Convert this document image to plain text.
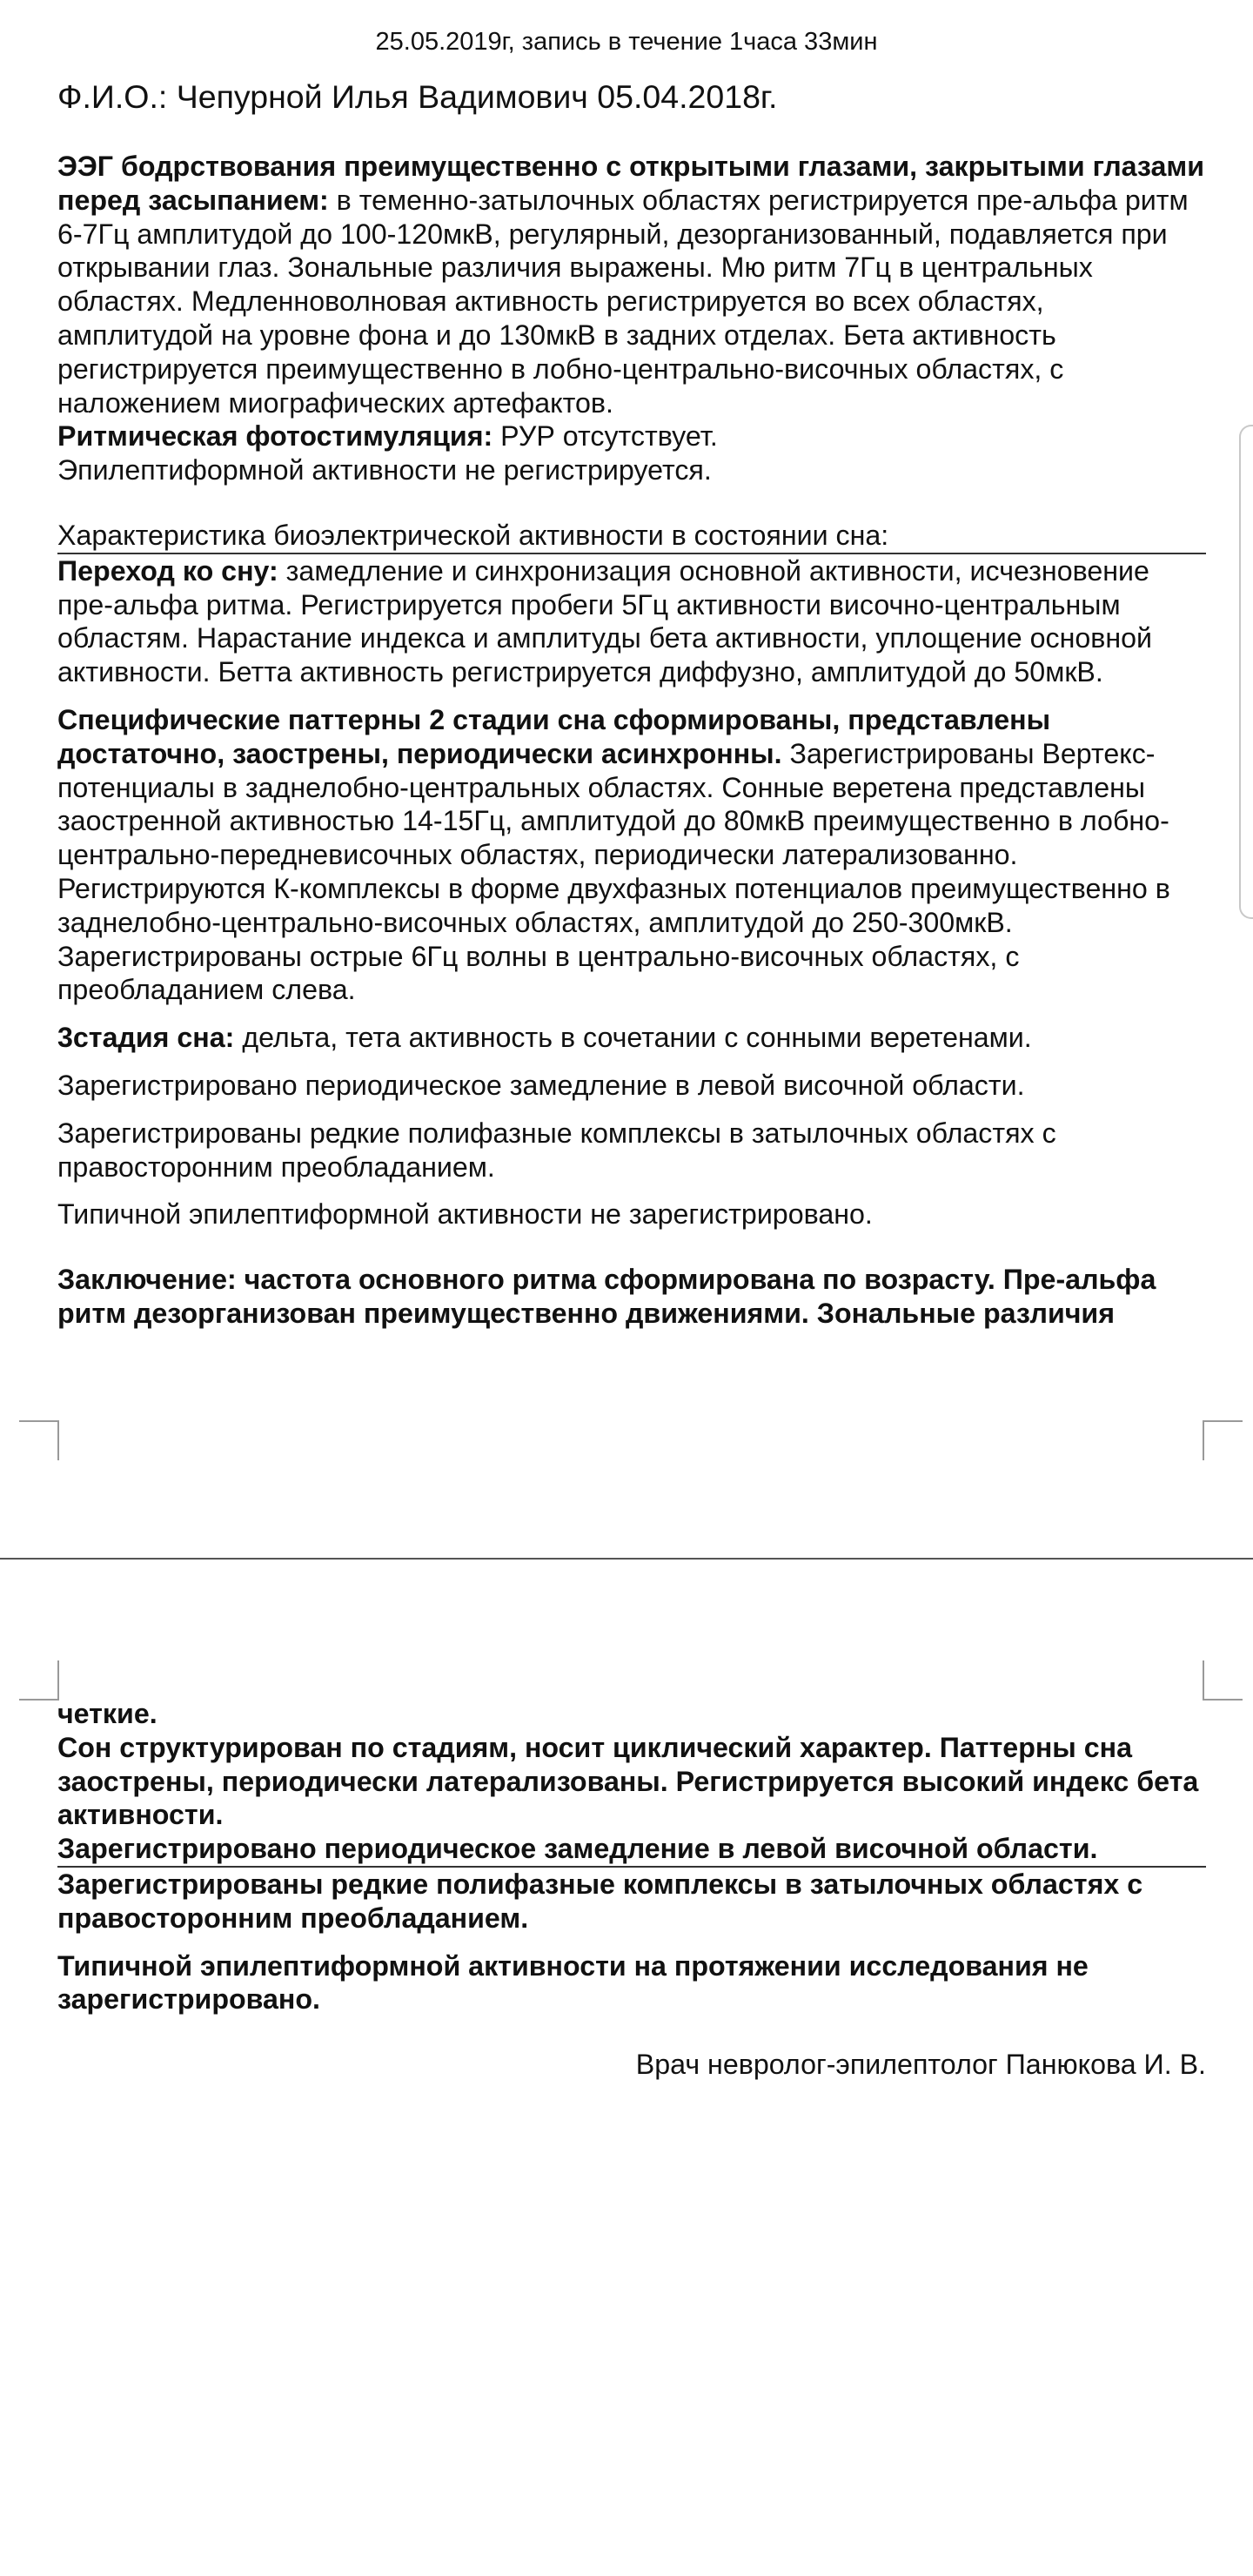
25.05.2019г, запись в течение 1часа 33мин

Ф.И.О.: Чепурной Илья Вадимович 05.04.2018г.

ЭЭГ бодрствования преимущественно с открытыми глазами, закрытыми глазами перед засыпанием: в теменно-затылочных областях регистрируется пре-альфа ритм 6-7Гц амплитудой до 100-120мкВ, регулярный, дезорганизованный, подавляется при открывании глаз. Зональные различия выражены. Мю ритм 7Гц в центральных областях. Медленноволновая активность регистрируется во всех областях, амплитудой на уровне фона и до 130мкВ в задних отделах. Бета активность регистрируется преимущественно в лобно-центрально-височных областях, с наложением миографических артефактов.

Ритмическая фотостимуляция: РУР отсутствует.

Эпилептиформной активности не регистрируется.

Характеристика биоэлектрической активности в состоянии сна:

Переход ко сну: замедление и синхронизация основной активности, исчезновение пре-альфа ритма. Регистрируется пробеги 5Гц активности височно-центральным областям. Нарастание индекса и амплитуды бета активности, уплощение основной активности. Бетта активность регистрируется диффузно, амплитудой до 50мкВ.

Специфические паттерны 2 стадии сна сформированы, представлены достаточно, заострены, периодически асинхронны. Зарегистрированы Вертекс-потенциалы в заднелобно-центральных областях. Сонные веретена представлены заостренной активностью 14-15Гц, амплитудой до 80мкВ преимущественно в лобно-центрально-передневисочных областях, периодически латерализованно. Регистрируются К-комплексы в форме двухфазных потенциалов преимущественно в заднелобно-центрально-височных областях, амплитудой до 250-300мкВ. Зарегистрированы острые 6Гц волны в центрально-височных областях, с преобладанием слева.

3стадия сна: дельта, тета активность в сочетании с сонными веретенами.

Зарегистрировано периодическое замедление в левой височной области.

Зарегистрированы редкие полифазные комплексы в затылочных областях с правосторонним преобладанием.

Типичной эпилептиформной активности не зарегистрировано.

Заключение: частота основного ритма сформирована по возрасту. Пре-альфа ритм дезорганизован преимущественно движениями. Зональные различия

четкие.

Сон структурирован по стадиям, носит циклический характер. Паттерны сна заострены, периодически латерализованы. Регистрируется высокий индекс бета активности.

Зарегистрировано периодическое замедление в левой височной области.

Зарегистрированы редкие полифазные комплексы в затылочных областях с правосторонним преобладанием.

Типичной эпилептиформной активности на протяжении исследования не зарегистрировано.

Врач невролог-эпилептолог Панюкова И. В.
